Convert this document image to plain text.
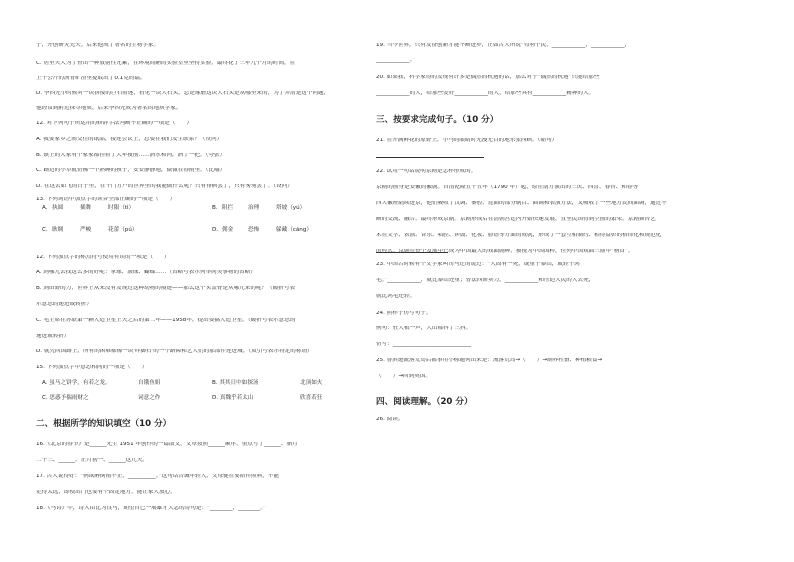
子，开创研究先天。后来他成了著名的生物学家。
C. 居里夫人为了查出一种放射性元素，在环境简陋的实验室里坚持实验，最终花了三年九个月的时间，在
上千公斤的沥青矿渣里提取出了0.1克的镭。
D. 李四光小时候对一块拼接的巨石着迷，看见一块大石头，总是琢磨这块大石头是从哪里来的，为了弄清楚这个问题，
他经常到附近探寻地质，后来李四光成为著名的地质学家。
12. 对下列句子所运用的修辞手法判断不正确的一项是（　　）
A. 我要家乡之间交往的纸品，接连会议上，总要在我们发生联系？（反问）
B. 镇上的人家有个家家都挂着了大年夜前……酒水和肉，酒了一把。（夸张）
C. 路边的小草就仿佛一个熟睡的孩子，安安静静地，微微在春雨里。（比喻）
D. 在这去如飞的日子里，在千门万户的世界里的我能做什么呢？只有徘徊罢了，只有匆匆罢了。（设问）
13. 下列词语中加点字的读音全部正确的一项是（　　）
12. 下列加点字的标点符号使用有误的一项是（　　）
A. 到哪儿去找这么多的好呢：掌球、滚球、蝴蝶……（省略号表示列举同类事物的省略）
B. 到田野的力，世界上从来没有发现过这种动物的痕迹——那么这个头盖骨是从哪儿来的呢？（破折号表
示意思的递进或转折）
C. 毛主席在苏联第一颗人造卫星上天之后的第二年——1958年，提出要搞人造卫星。（破折号表示意思的
递进或转折）
D. 就凭回国路上，所有的困难都像一块'绊脚石'的一个路障和艺人们的那部件连进城。（双引号表示特定的称谓）
15. 下列加点字中意思相同的一项是（　　）
A. 执圆	插舞	时限（tì）	B. 阻拦	治理	塔坡（yú）
C. 耿绸	严峻	花蕾（pú）	D. 佣金	恐怖	躲藏（cáng）
A. 虽马之饼学，有若之龙。	自饿鱼姐	B. 其其日中如探汤	北顶如火
C. 思惑予揣雨财之	词意之作	D. 真魏乎若太山	欣喜若狂
二、根据所学的知识填空（10 分）
16.《北京的春节》是______先生 1951 年创作的一篇散文，文章按照______顺序，重点写了______、腊月
二十三、______、正月初一、______这几天。
17. 古人说得好：“例欲醉倒雨不止，__________。”这句话告诫年轻人，父母健在要陪伴照料，不能
走得太远，即使出门也要有个固定地方，能让家人放心。
18.《马诗》中，诗人由比为良马，期望自己一展雄才大志的诗句是：“________，________。”
19. 当今世界，只有发奋创新才能不断进步，正如古人所说“苟利于民，____________，____________，
____________。”
20. 如果我，科学家得的发现有许多是偶然的机遇的话，那么对于“偶然的机遇”只能给那些
____________的人，给那些爱好____________的人，给那些具有____________精神的人。
三、按要求完成句子。（10 分）
21. 在开满鲜花的原野上，小马的眼睛时光漫无目的地东张西顾。（缩句）
22. 试用一句话说明京剧是怎样形成的。
京剧的前身是安徽的徽剧。自清乾隆五十五年（1790 年）起，原在南方演出的三庆、四喜、春台、和春等
四大徽班陆续进京，他们吸收了汉调、秦腔、昆曲的部分剧目、曲调和表演方法，又吸收了一些地方民间曲调，通过不
断的交流、融合，最终形成京剧。京剧形成后在清朝宫廷内开始快速发展，直至民国得到空前的繁荣。京剧舞台艺
术在文学、表演、音乐、唱腔、锣鼓、化妆、脸谱等方面的成就，形成了一套互相制约、相得益彰的格律化和规范化
的程式。京剧在整个发展中已成为中国最大的戏曲剧种，被视为中国国粹，位列中国戏曲三鼎甲“榜首”。
23. 中国古时候有个文学家叫司马迁的说过：“人固有一死，或重于泰山，或轻于鸿
毛。”____________，就比泰山还重；替法西斯卖力，____________和压迫人民的人去死，
就比鸿毛还轻。
24. 照样子仿写句子。
例句：驻大根一声，大山都抖了三抖。
仿写：____________________________
25. 鲁滨逊流落荒岛后都事用小标题列出来是：流落荒岛→（　　）→制界牲畜、种植粮食→
（　　）→回到英国。
四、阅读理解。（20 分）
26. 阅读。
